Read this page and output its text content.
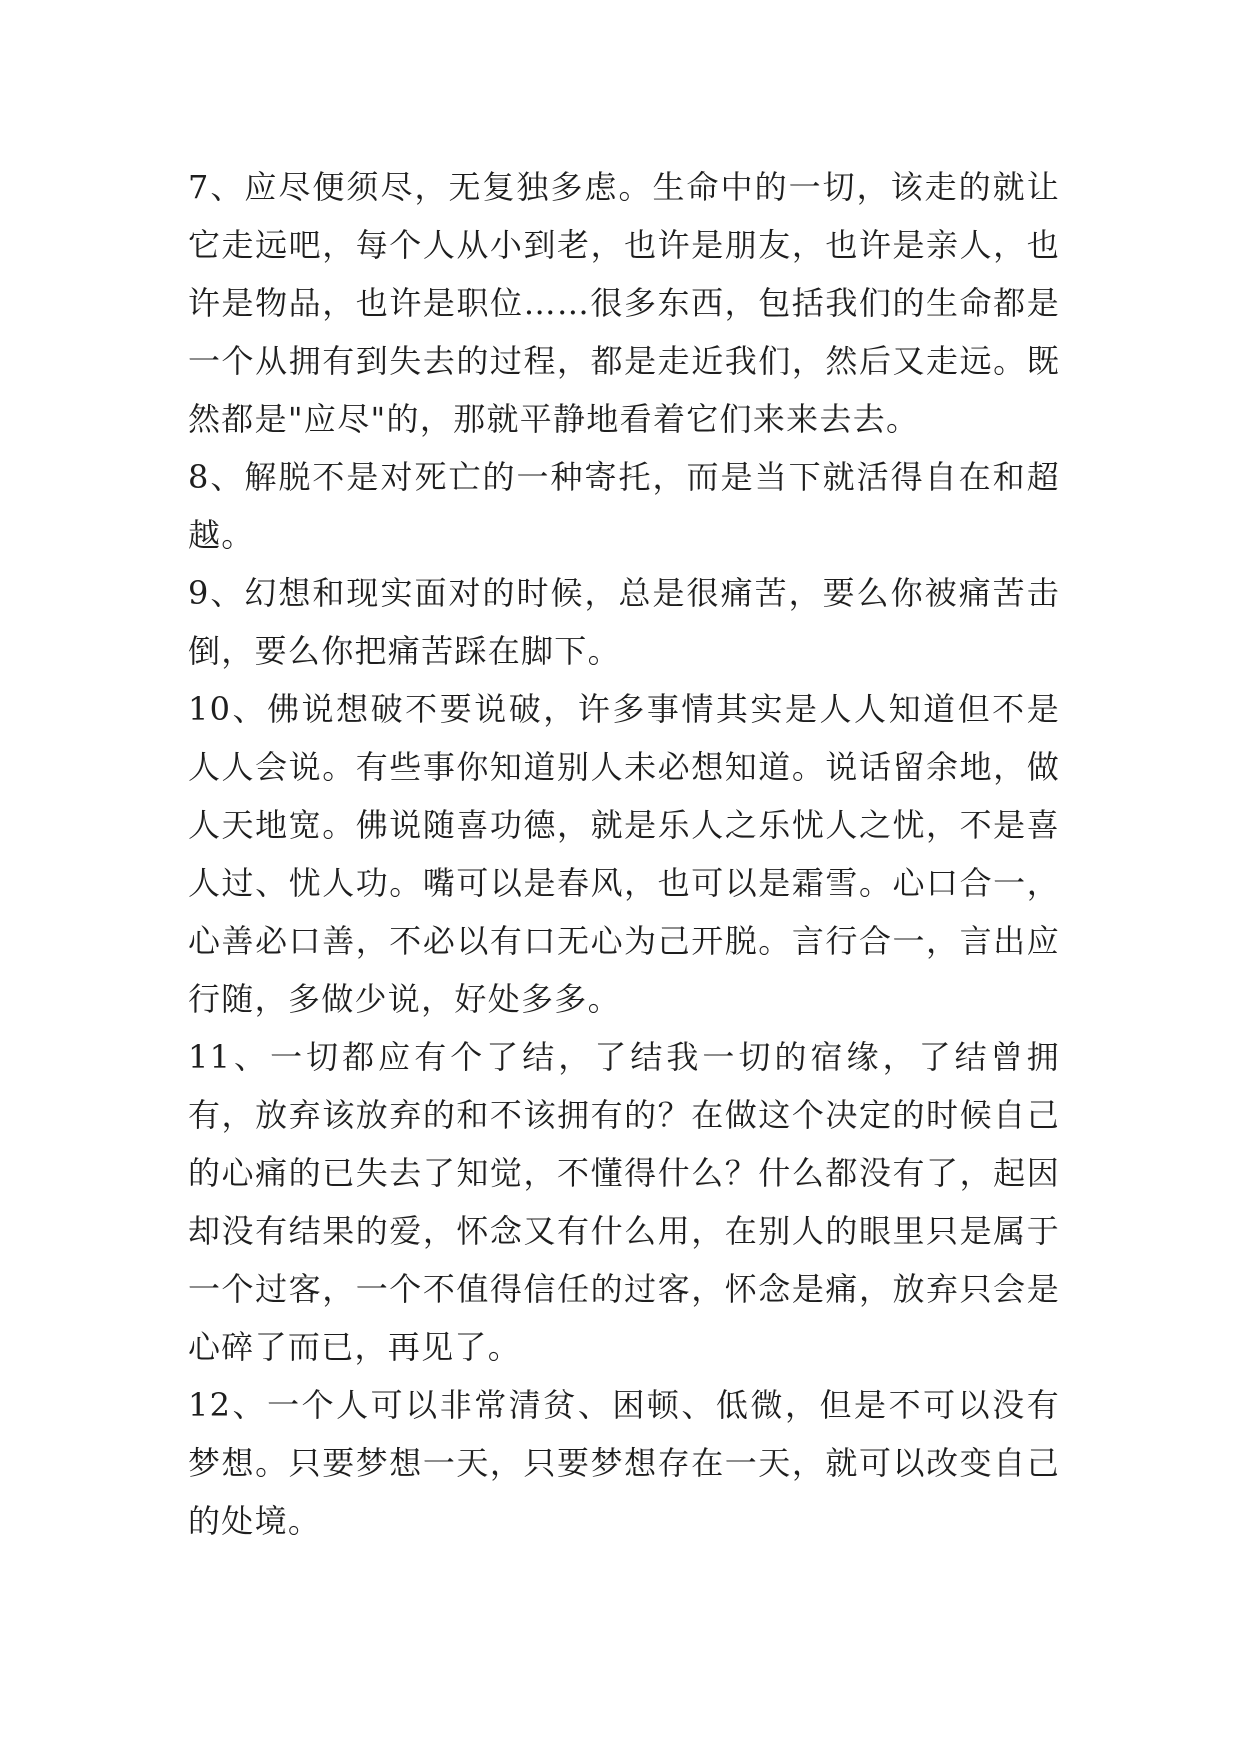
7、应尽便须尽，无复独多虑。生命中的一切，该走的就让它走远吧，每个人从小到老，也许是朋友，也许是亲人，也许是物品，也许是职位……很多东西，包括我们的生命都是一个从拥有到失去的过程，都是走近我们，然后又走远。既然都是"应尽"的，那就平静地看着它们来来去去。

8、解脱不是对死亡的一种寄托，而是当下就活得自在和超越。

9、幻想和现实面对的时候，总是很痛苦，要么你被痛苦击倒，要么你把痛苦踩在脚下。

10、佛说想破不要说破，许多事情其实是人人知道但不是人人会说。有些事你知道别人未必想知道。说话留余地，做人天地宽。佛说随喜功德，就是乐人之乐忧人之忧，不是喜人过、忧人功。嘴可以是春风，也可以是霜雪。心口合一，心善必口善，不必以有口无心为己开脱。言行合一，言出应行随，多做少说，好处多多。

11、一切都应有个了结，了结我一切的宿缘，了结曾拥有，放弃该放弃的和不该拥有的？在做这个决定的时候自己的心痛的已失去了知觉，不懂得什么？什么都没有了，起因却没有结果的爱，怀念又有什么用，在别人的眼里只是属于一个过客，一个不值得信任的过客，怀念是痛，放弃只会是心碎了而已，再见了。

12、一个人可以非常清贫、困顿、低微，但是不可以没有梦想。只要梦想一天，只要梦想存在一天，就可以改变自己的处境。
